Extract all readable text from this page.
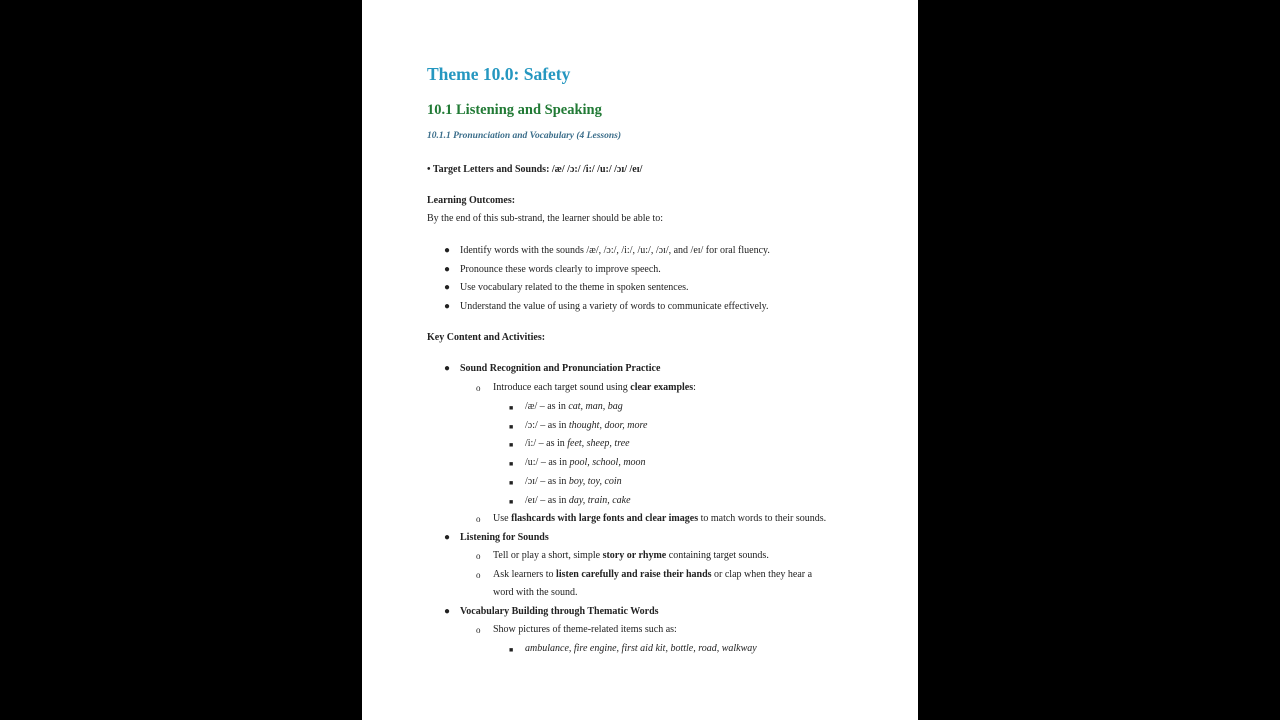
Theme 10.0: Safety
10.1 Listening and Speaking
10.1.1 Pronunciation and Vocabulary (4 Lessons)
• Target Letters and Sounds: /æ/ /ɔ:/ /i:/ /u:/ /ɔɪ/ /eɪ/
Learning Outcomes:
By the end of this sub-strand, the learner should be able to:
● Identify words with the sounds /æ/, /ɔ:/, /i:/, /u:/, /ɔɪ/, and /eɪ/ for oral fluency.
● Pronounce these words clearly to improve speech.
● Use vocabulary related to the theme in spoken sentences.
● Understand the value of using a variety of words to communicate effectively.
Key Content and Activities:
● Sound Recognition and Pronunciation Practice
o Introduce each target sound using clear examples:
■ /æ/ – as in cat, man, bag
■ /ɔ:/ – as in thought, door, more
■ /i:/ – as in feet, sheep, tree
■ /u:/ – as in pool, school, moon
■ /ɔɪ/ – as in boy, toy, coin
■ /eɪ/ – as in day, train, cake
o Use flashcards with large fonts and clear images to match words to their sounds.
● Listening for Sounds
o Tell or play a short, simple story or rhyme containing target sounds.
o Ask learners to listen carefully and raise their hands or clap when they hear a
word with the sound.
● Vocabulary Building through Thematic Words
o Show pictures of theme-related items such as:
■ ambulance, fire engine, first aid kit, bottle, road, walkway
